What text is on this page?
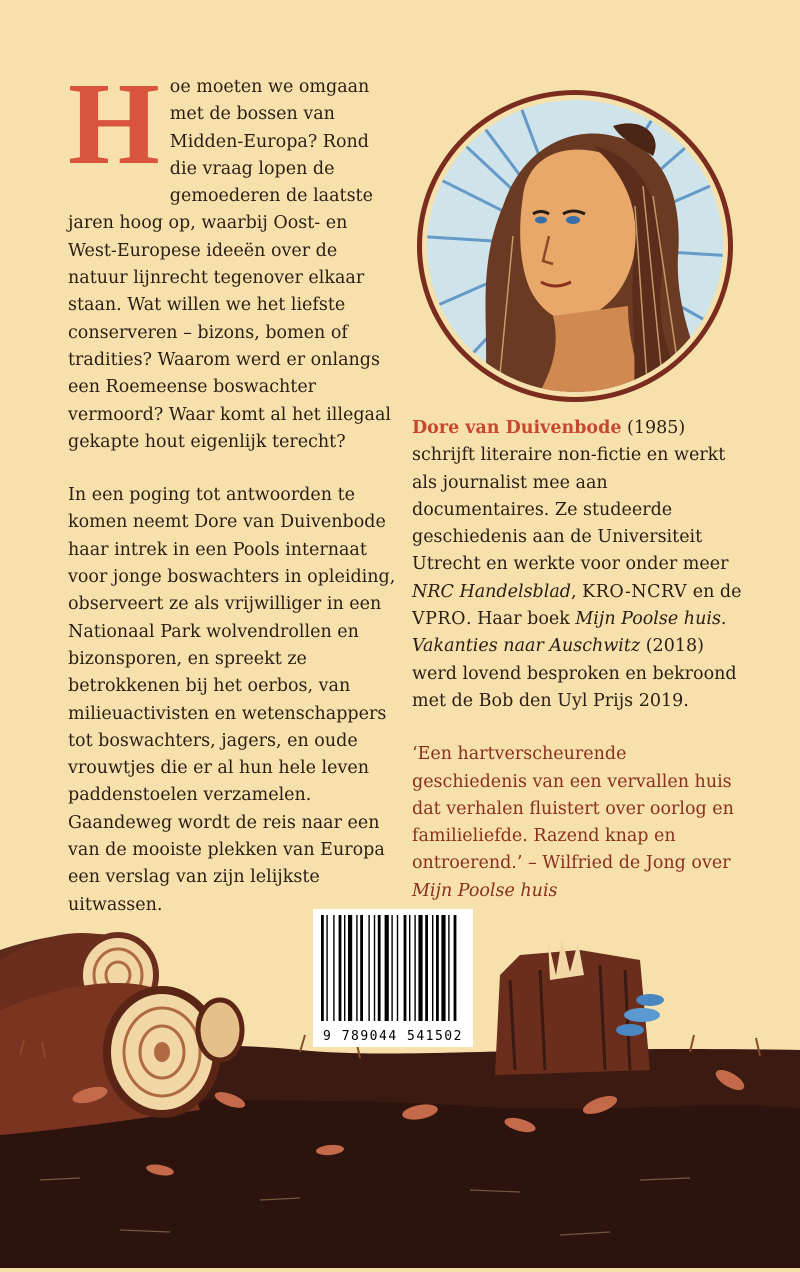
H oe moeten we omgaan met de bossen van Midden-Europa? Rond die vraag lopen de gemoederen de laatste jaren hoog op, waarbij Oost- en West-Europese ideeën over de natuur lijnrecht tegenover elkaar staan. Wat willen we het liefste conserveren – bizons, bomen of tradities? Waarom werd er onlangs een Roemeense boswachter vermoord? Waar komt al het illegaal gekapte hout eigenlijk terecht?

In een poging tot antwoorden te komen neemt Dore van Duivenbode haar intrek in een Pools internaat voor jonge boswachters in opleiding, observeert ze als vrijwilliger in een Nationaal Park wolvendrollen en bizonsporen, en spreekt ze betrokkenen bij het oerbos, van milieuactivisten en wetenschappers tot boswachters, jagers, en oude vrouwtjes die er al hun hele leven paddenstoelen verzamelen. Gaandeweg wordt de reis naar een van de mooiste plekken van Europa een verslag van zijn lelijkste uitwassen.

Dore van Duivenbode (1985) schrijft literaire non-fictie en werkt als journalist mee aan documentaires. Ze studeerde geschiedenis aan de Universiteit Utrecht en werkte voor onder meer NRC Handelsblad, KRO-NCRV en de VPRO. Haar boek Mijn Poolse huis. Vakanties naar Auschwitz (2018) werd lovend besproken en bekroond met de Bob den Uyl Prijs 2019.

‘Een hartverscheurende geschiedenis van een vervallen huis dat verhalen fluistert over oorlog en familieliefde. Razend knap en ontroerend.’ – Wilfried de Jong over Mijn Poolse huis

9 789044 541502
